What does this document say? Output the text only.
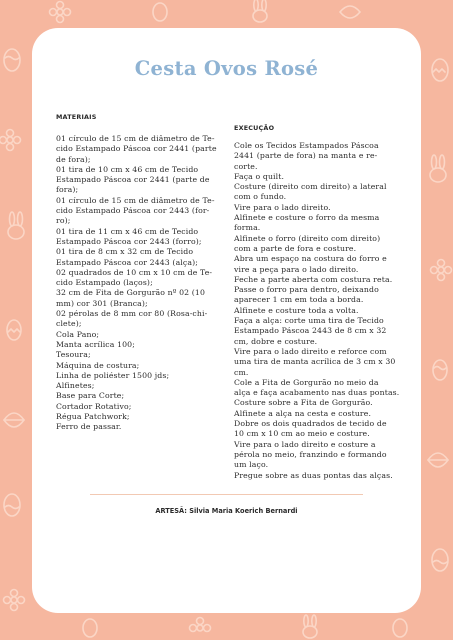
Cesta Ovos Rosé
MATERIAIS

01 círculo de 15 cm de diâmetro de Te-
cido Estampado Páscoa cor 2441 (parte
de fora);
01 tira de 10 cm x 46 cm de Tecido
Estampado Páscoa cor 2441 (parte de
fora);
01 círculo de 15 cm de diâmetro de Te-
cido Estampado Páscoa cor 2443 (for-
ro);
01 tira de 11 cm x 46 cm de Tecido
Estampado Páscoa cor 2443 (forro);
01 tira de 8 cm x 32 cm de Tecido
Estampado Páscoa cor 2443 (alça);
02 quadrados de 10 cm x 10 cm de Te-
cido Estampado (laços);
32 cm de Fita de Gorgurão nº 02 (10
mm) cor 301 (Branca);
02 pérolas de 8 mm cor 80 (Rosa-chi-
clete);
Cola Pano;
Manta acrílica 100;
Tesoura;
Máquina de costura;
Linha de poliéster 1500 jds;
Alfinetes;
Base para Corte;
Cortador Rotativo;
Régua Patchwork;
Ferro de passar.

EXECUÇÃO

Cole os Tecidos Estampados Páscoa
2441 (parte de fora) na manta e re-
corte.
Faça o quilt.
Costure (direito com direito) a lateral
com o fundo.
Vire para o lado direito.
Alfinete e costure o forro da mesma
forma.
Alfinete o forro (direito com direito)
com a parte de fora e costure.
Abra um espaço na costura do forro e
vire a peça para o lado direito.
Feche a parte aberta com costura reta.
Passe o forro para dentro, deixando
aparecer 1 cm em toda a borda.
Alfinete e costure toda a volta.
Faça a alça: corte uma tira de Tecido
Estampado Páscoa 2443 de 8 cm x 32
cm, dobre e costure.
Vire para o lado direito e reforce com
uma tira de manta acrílica de 3 cm x 30
cm.
Cole a Fita de Gorgurão no meio da
alça e faça acabamento nas duas pontas.
Costure sobre a Fita de Gorgurão.
Alfinete a alça na cesta e costure.
Dobre os dois quadrados de tecido de
10 cm x 10 cm ao meio e costure.
Vire para o lado direito e costure a
pérola no meio, franzindo e formando
um laço.
Pregue sobre as duas pontas das alças.

ARTESÃ: Silvia Maria Koerich Bernardi
